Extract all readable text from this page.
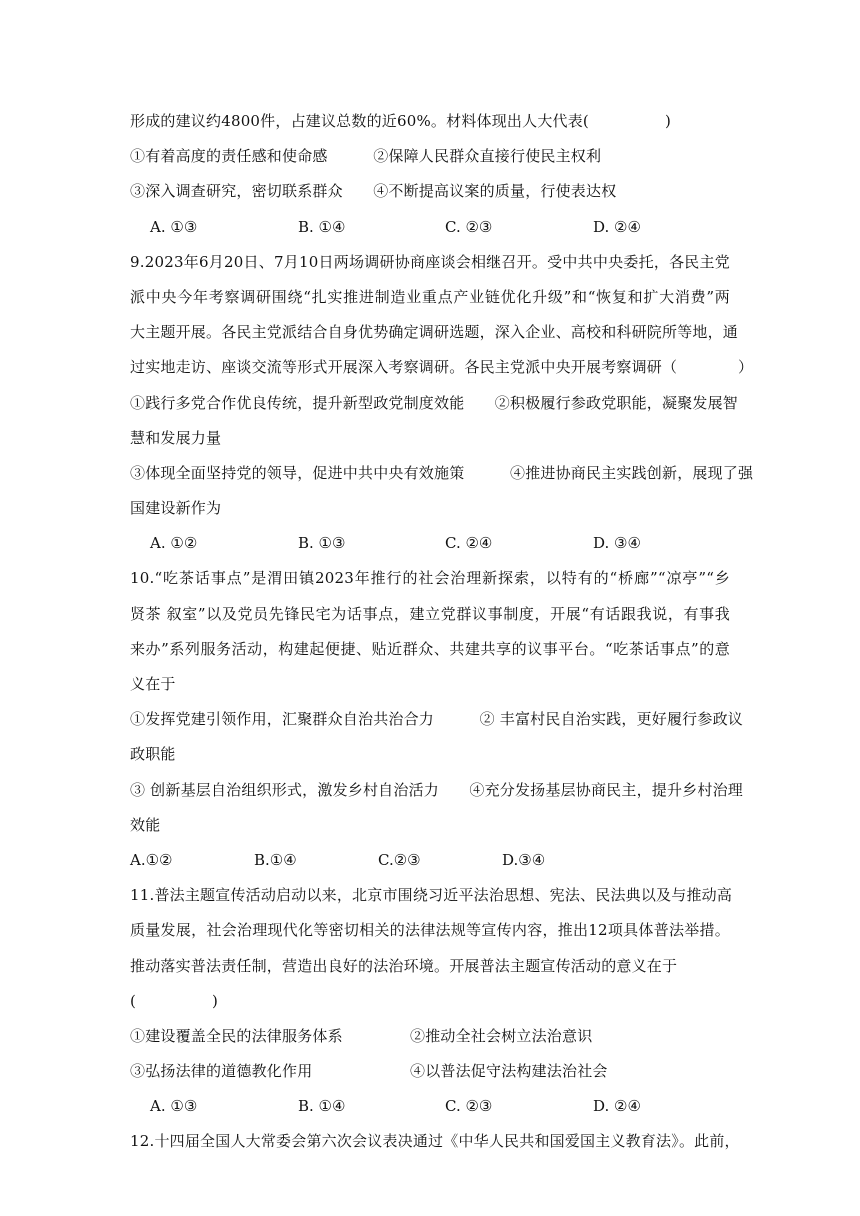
形成的建议约4800件，占建议总数的近60%。材料体现出人大代表(　　　　　)
①有着高度的责任感和使命感　　　②保障人民群众直接行使民主权利
③深入调查研究，密切联系群众　　④不断提高议案的质量，行使表达权
A. ①③	B. ①④	C. ②③	D. ②④
9.2023年6月20日、7月10日两场调研协商座谈会相继召开。受中共中央委托，各民主党
派中央今年考察调研围绕“扎实推进制造业重点产业链优化升级”和“恢复和扩大消费”两
大主题开展。各民主党派结合自身优势确定调研选题，深入企业、高校和科研院所等地，通
过实地走访、座谈交流等形式开展深入考察调研。各民主党派中央开展考察调研（　　　　）
①践行多党合作优良传统，提升新型政党制度效能　　②积极履行参政党职能，凝聚发展智
慧和发展力量
③体现全面坚持党的领导，促进中共中央有效施策　　　④推进协商民主实践创新，展现了强
国建设新作为
A. ①②	B. ①③	C. ②④	D. ③④
10.“吃茶话事点”是渭田镇2023年推行的社会治理新探索，以特有的“桥廊”“凉亭”“乡
贤茶 叙室”以及党员先锋民宅为话事点，建立党群议事制度，开展“有话跟我说，有事我
来办”系列服务活动，构建起便捷、贴近群众、共建共享的议事平台。“吃茶话事点”的意
义在于
①发挥党建引领作用，汇聚群众自治共治合力　　　② 丰富村民自治实践，更好履行参政议
政职能
③ 创新基层自治组织形式，激发乡村自治活力　　④充分发扬基层协商民主，提升乡村治理
效能
A.①②	B.①④	C.②③	D.③④
11.普法主题宣传活动启动以来，北京市围绕习近平法治思想、宪法、民法典以及与推动高
质量发展，社会治理现代化等密切相关的法律法规等宣传内容，推出12项具体普法举措。
推动落实普法责任制，营造出良好的法治环境。开展普法主题宣传活动的意义在于
(　　　　　)
①建设覆盖全民的法律服务体系	②推动全社会树立法治意识
③弘扬法律的道德教化作用	④以普法促守法构建法治社会
A. ①③	B. ①④	C. ②③	D. ②④
12.十四届全国人大常委会第六次会议表决通过《中华人民共和国爱国主义教育法》。此前，
